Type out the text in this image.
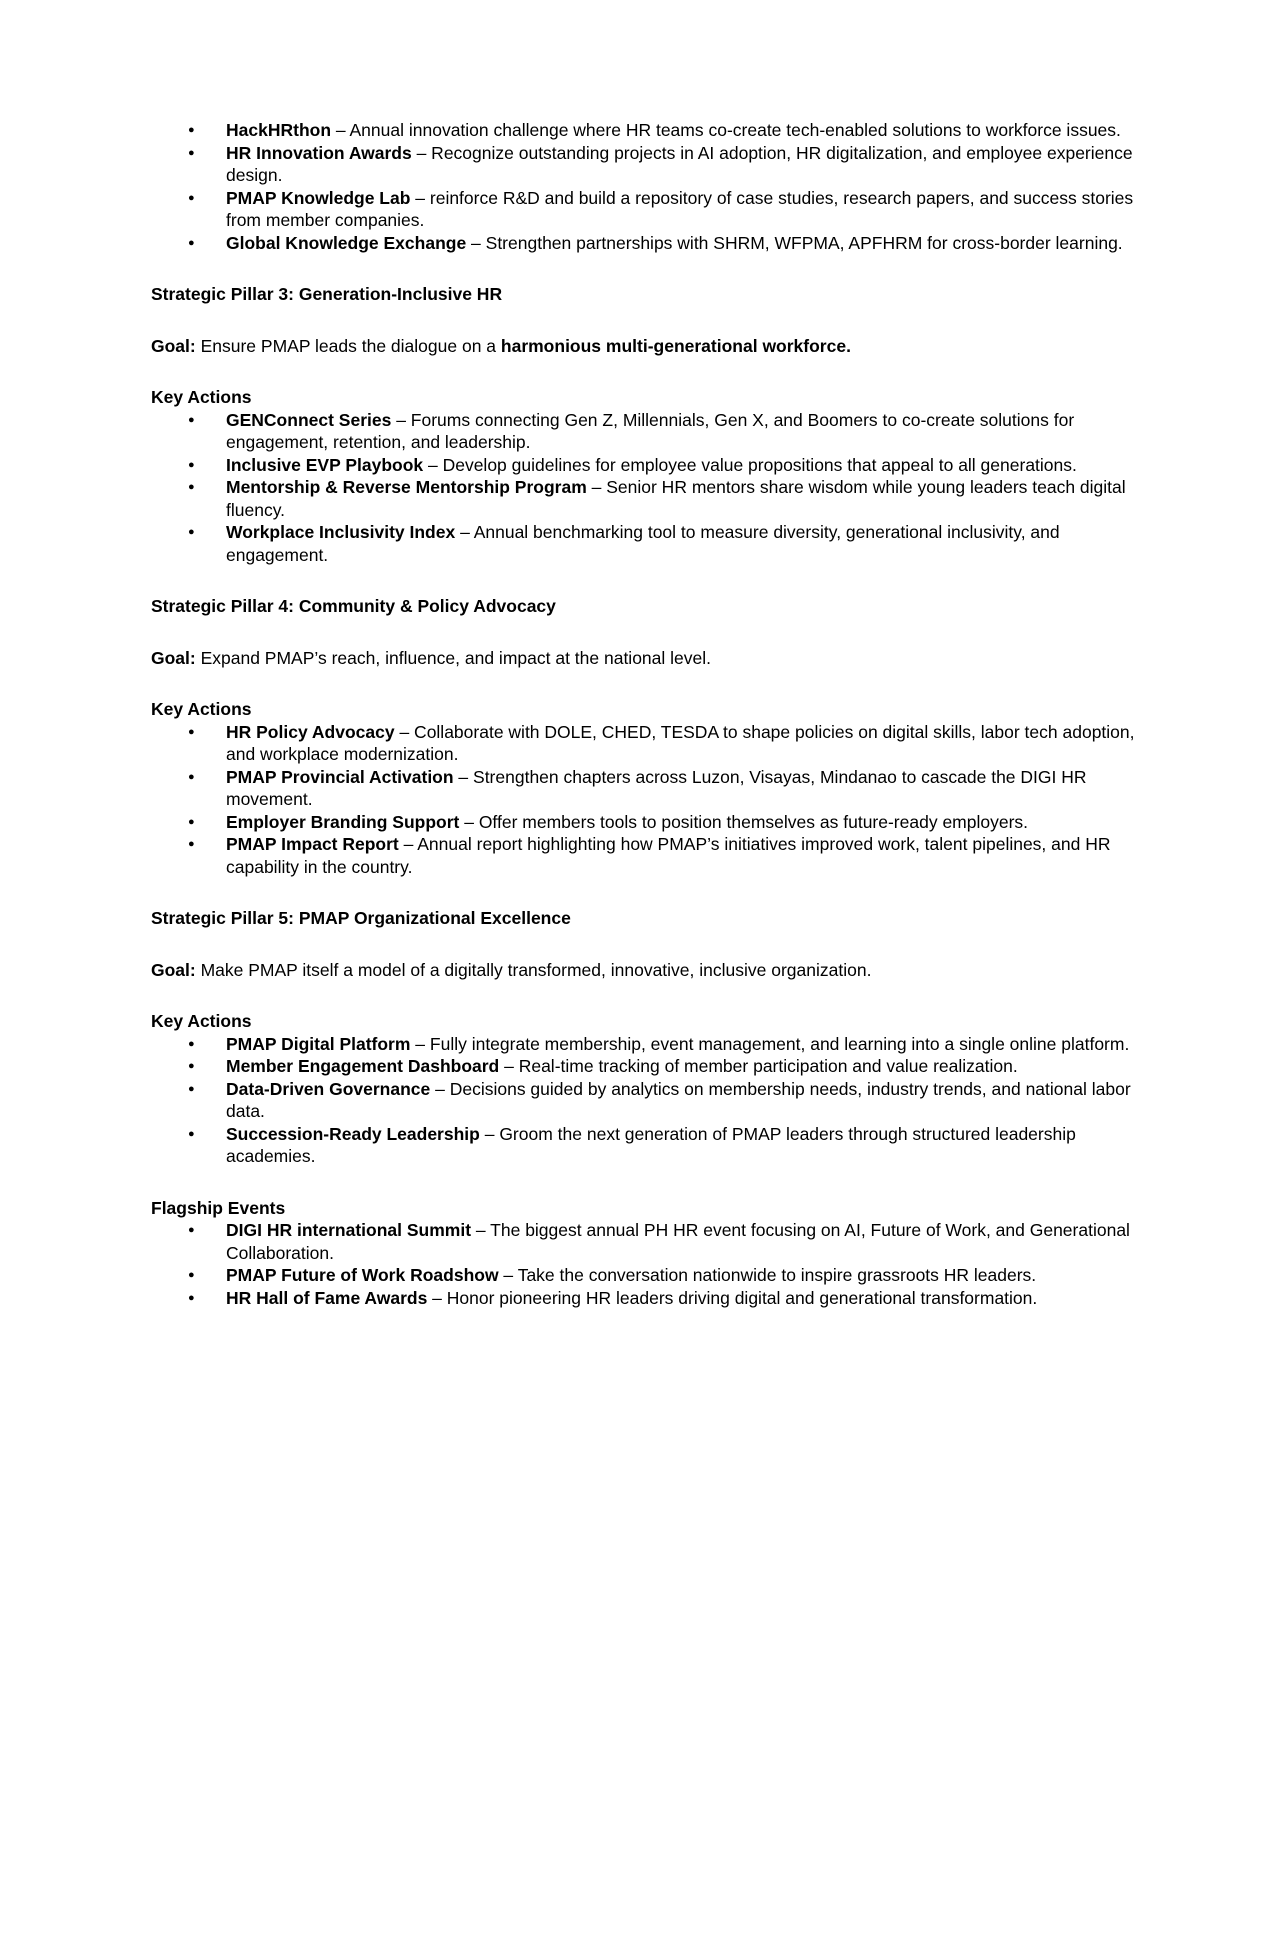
● HackHRthon – Annual innovation challenge where HR teams co-create tech-enabled solutions to workforce issues.
● HR Innovation Awards – Recognize outstanding projects in AI adoption, HR digitalization, and employee experience design.
● PMAP Knowledge Lab – reinforce R&D and build a repository of case studies, research papers, and success stories from member companies.
● Global Knowledge Exchange – Strengthen partnerships with SHRM, WFPMA, APFHRM for cross-border learning.

Strategic Pillar 3: Generation-Inclusive HR

Goal: Ensure PMAP leads the dialogue on a harmonious multi-generational workforce.

Key Actions

● GENConnect Series – Forums connecting Gen Z, Millennials, Gen X, and Boomers to co-create solutions for engagement, retention, and leadership.
● Inclusive EVP Playbook – Develop guidelines for employee value propositions that appeal to all generations.
● Mentorship & Reverse Mentorship Program – Senior HR mentors share wisdom while young leaders teach digital fluency.
● Workplace Inclusivity Index – Annual benchmarking tool to measure diversity, generational inclusivity, and engagement.

Strategic Pillar 4: Community & Policy Advocacy

Goal: Expand PMAP’s reach, influence, and impact at the national level.

Key Actions

● HR Policy Advocacy – Collaborate with DOLE, CHED, TESDA to shape policies on digital skills, labor tech adoption, and workplace modernization.
● PMAP Provincial Activation – Strengthen chapters across Luzon, Visayas, Mindanao to cascade the DIGI HR movement.
● Employer Branding Support – Offer members tools to position themselves as future-ready employers.
● PMAP Impact Report – Annual report highlighting how PMAP’s initiatives improved work, talent pipelines, and HR capability in the country.

Strategic Pillar 5: PMAP Organizational Excellence

Goal: Make PMAP itself a model of a digitally transformed, innovative, inclusive organization.

Key Actions

● PMAP Digital Platform – Fully integrate membership, event management, and learning into a single online platform.
● Member Engagement Dashboard – Real-time tracking of member participation and value realization.
● Data-Driven Governance – Decisions guided by analytics on membership needs, industry trends, and national labor data.
● Succession-Ready Leadership – Groom the next generation of PMAP leaders through structured leadership academies.

Flagship Events

● DIGI HR international Summit – The biggest annual PH HR event focusing on AI, Future of Work, and Generational Collaboration.
● PMAP Future of Work Roadshow – Take the conversation nationwide to inspire grassroots HR leaders.
● HR Hall of Fame Awards – Honor pioneering HR leaders driving digital and generational transformation.
